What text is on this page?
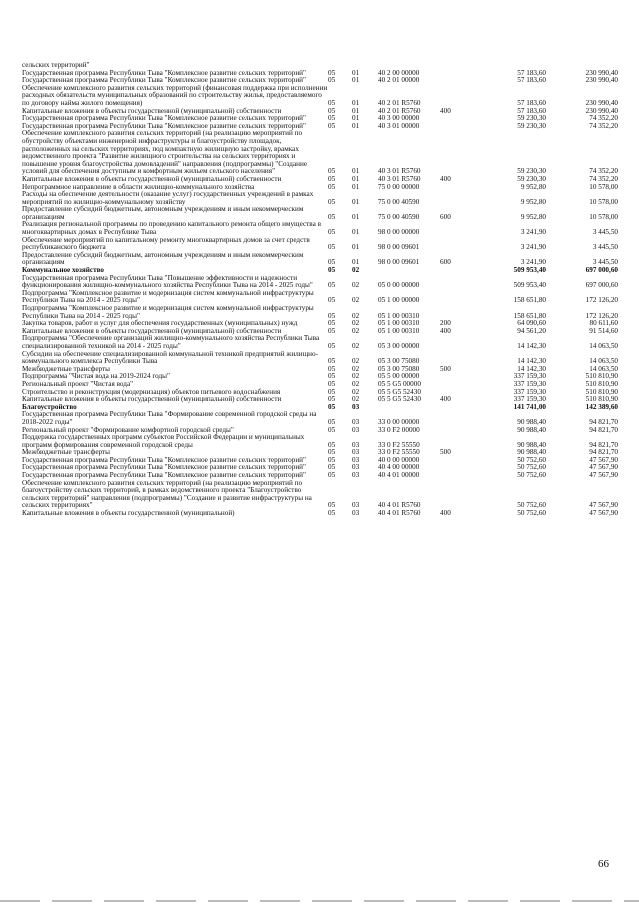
сельских территорий"						
Государственная программа Республики Тыва "Комплексное развитие сельских территорий"	05	01	40 2 00 00000		57 183,60	230 990,40
Государственная программа Республики Тыва "Комплексное развитие сельских территорий"	05	01	40 2 01 00000		57 183,60	230 990,40
Обеспечение комплексного развития сельских территорий (финансовая поддержка при исполнении расходных обязательств муниципальных образований по строительству жилья, предоставляемого по договору найма жилого помещения)	05	01	40 2 01 R5760		57 183,60	230 990,40
Капитальные вложения в объекты государственной (муниципальной) собственности	05	01	40 2 01 R5760	400	57 183,60	230 990,40
Государственная программа Республики Тыва "Комплексное развитие сельских территорий"	05	01	40 3 00 00000		59 230,30	74 352,20
Государственная программа Республики Тыва "Комплексное развитие сельских территорий"	05	01	40 3 01 00000		59 230,30	74 352,20
Обеспечение комплексного развития сельских территорий (на реализацию мероприятий по обустройству объектами инженерной инфраструктуры и благоустройству площадок, расположенных на сельских территориях, под компактную жилищную застройку, врамках ведомственного проекта "Развитие жилищного строительства на сельских территориях и повышение уровня благоустройства домовладений" направления (подпрограммы) "Создание условий для обеспечения доступным и комфортным жильем сельского населения"	05	01	40 3 01 R5760		59 230,30	74 352,20
Капитальные вложения в объекты государственной (муниципальной) собственности	05	01	40 3 01 R5760	400	59 230,30	74 352,20
Непрограммное направление в области жилищно-коммунального хозяйства	05	01	75 0 00 00000		9 952,80	10 578,00
Расходы на обеспечение деятельности (оказание услуг) государственных учреждений в рамках мероприятий по жилищно-коммунальному хозяйству	05	01	75 0 00 40590		9 952,80	10 578,00
Предоставление субсидий бюджетным, автономным учреждениям и иным некоммерческим организациям	05	01	75 0 00 40590	600	9 952,80	10 578,00
Реализация региональной программы по проведению капитального ремонта общего имущества в многоквартирных домах в Республике Тыва	05	01	98 0 00 00000		3 241,90	3 445,50
Обеспечение мероприятий по капитальному ремонту многоквартирных домов за счет средств республиканского бюджета	05	01	98 0 00 09601		3 241,90	3 445,50
Предоставление субсидий бюджетным, автономным учреждениям и иным некоммерческим организациям	05	01	98 0 00 09601	600	3 241,90	3 445,50
Коммунальное хозяйство	05	02			509 953,40	697 000,60
Государственная программа Республики Тыва "Повышение эффективности и надежности функционирования жилищно-коммунального хозяйства Республики Тыва на 2014 - 2025 годы"	05	02	05 0 00 00000		509 953,40	697 000,60
Подпрограмма "Комплексное развитие и модернизация систем коммунальной инфраструктуры Республики Тыва на 2014 - 2025 годы"	05	02	05 1 00 00000		158 651,80	172 126,20
Подпрограмма "Комплексное развитие и модернизация систем коммунальной инфраструктуры Республики Тыва на 2014 - 2025 годы"	05	02	05 1 00 00310		158 651,80	172 126,20
Закупка товаров, работ и услуг для обеспечения государственных (муниципальных) нужд	05	02	05 1 00 00310	200	64 090,60	80 611,60
Капитальные вложения в объекты государственной (муниципальной) собственности	05	02	05 1 00 00310	400	94 561,20	91 514,60
Подпрограмма "Обеспечение организаций жилищно-коммунального хозяйства Республики Тыва специализированной техникой на 2014 - 2025 годы"	05	02	05 3 00 00000		14 142,30	14 063,50
Субсидии на обеспечение специализированной коммунальной техникой предприятий жилищно-коммунального комплекса Республики Тыва	05	02	05 3 00 75080		14 142,30	14 063,50
Межбюджетные трансферты	05	02	05 3 00 75080	500	14 142,30	14 063,50
Подпрограмма "Чистая вода на 2019-2024 годы"	05	02	05 5 00 00000		337 159,30	510 810,90
Региональный проект "Чистая вода"	05	02	05 5 G5 00000		337 159,30	510 810,90
Строительство и реконструкция (модернизация) объектов питьевого водоснабжения	05	02	05 5 G5 52430		337 159,30	510 810,90
Капитальные вложения в объекты государственной (муниципальной) собственности	05	02	05 5 G5 52430	400	337 159,30	510 810,90
Благоустройство	05	03			141 741,00	142 389,60
Государственная программа Республики Тыва "Формирование современной городской среды на 2018-2022 годы"	05	03	33 0 00 00000		90 988,40	94 821,70
Региональный проект "Формирование комфортной городской среды"	05	03	33 0 F2 00000		90 988,40	94 821,70
Поддержка государственных программ субъектов Российской Федерации и муниципальных программ формирования современной городской среды	05	03	33 0 F2 55550		90 988,40	94 821,70
Межбюджетные трансферты	05	03	33 0 F2 55550	500	90 988,40	94 821,70
Государственная программа Республики Тыва "Комплексное развитие сельских территорий"	05	03	40 0 00 00000		50 752,60	47 567,90
Государственная программа Республики Тыва "Комплексное развитие сельских территорий"	05	03	40 4 00 00000		50 752,60	47 567,90
Государственная программа Республики Тыва "Комплексное развитие сельских территорий"	05	03	40 4 01 00000		50 752,60	47 567,90
Обеспечение комплексного развития сельских территорий (на реализацию мероприятий по благоустройству сельских территорий, в рамках ведомственного проекта "Благоустройство сельских территорий" направления (подпрограммы) "Создание и развитие инфраструктуры на сельских территориях"	05	03	40 4 01 R5760		50 752,60	47 567,90
Капитальные вложения в объекты государственной (муниципальной)	05	03	40 4 01 R5760	400	50 752,60	47 567,90
66
